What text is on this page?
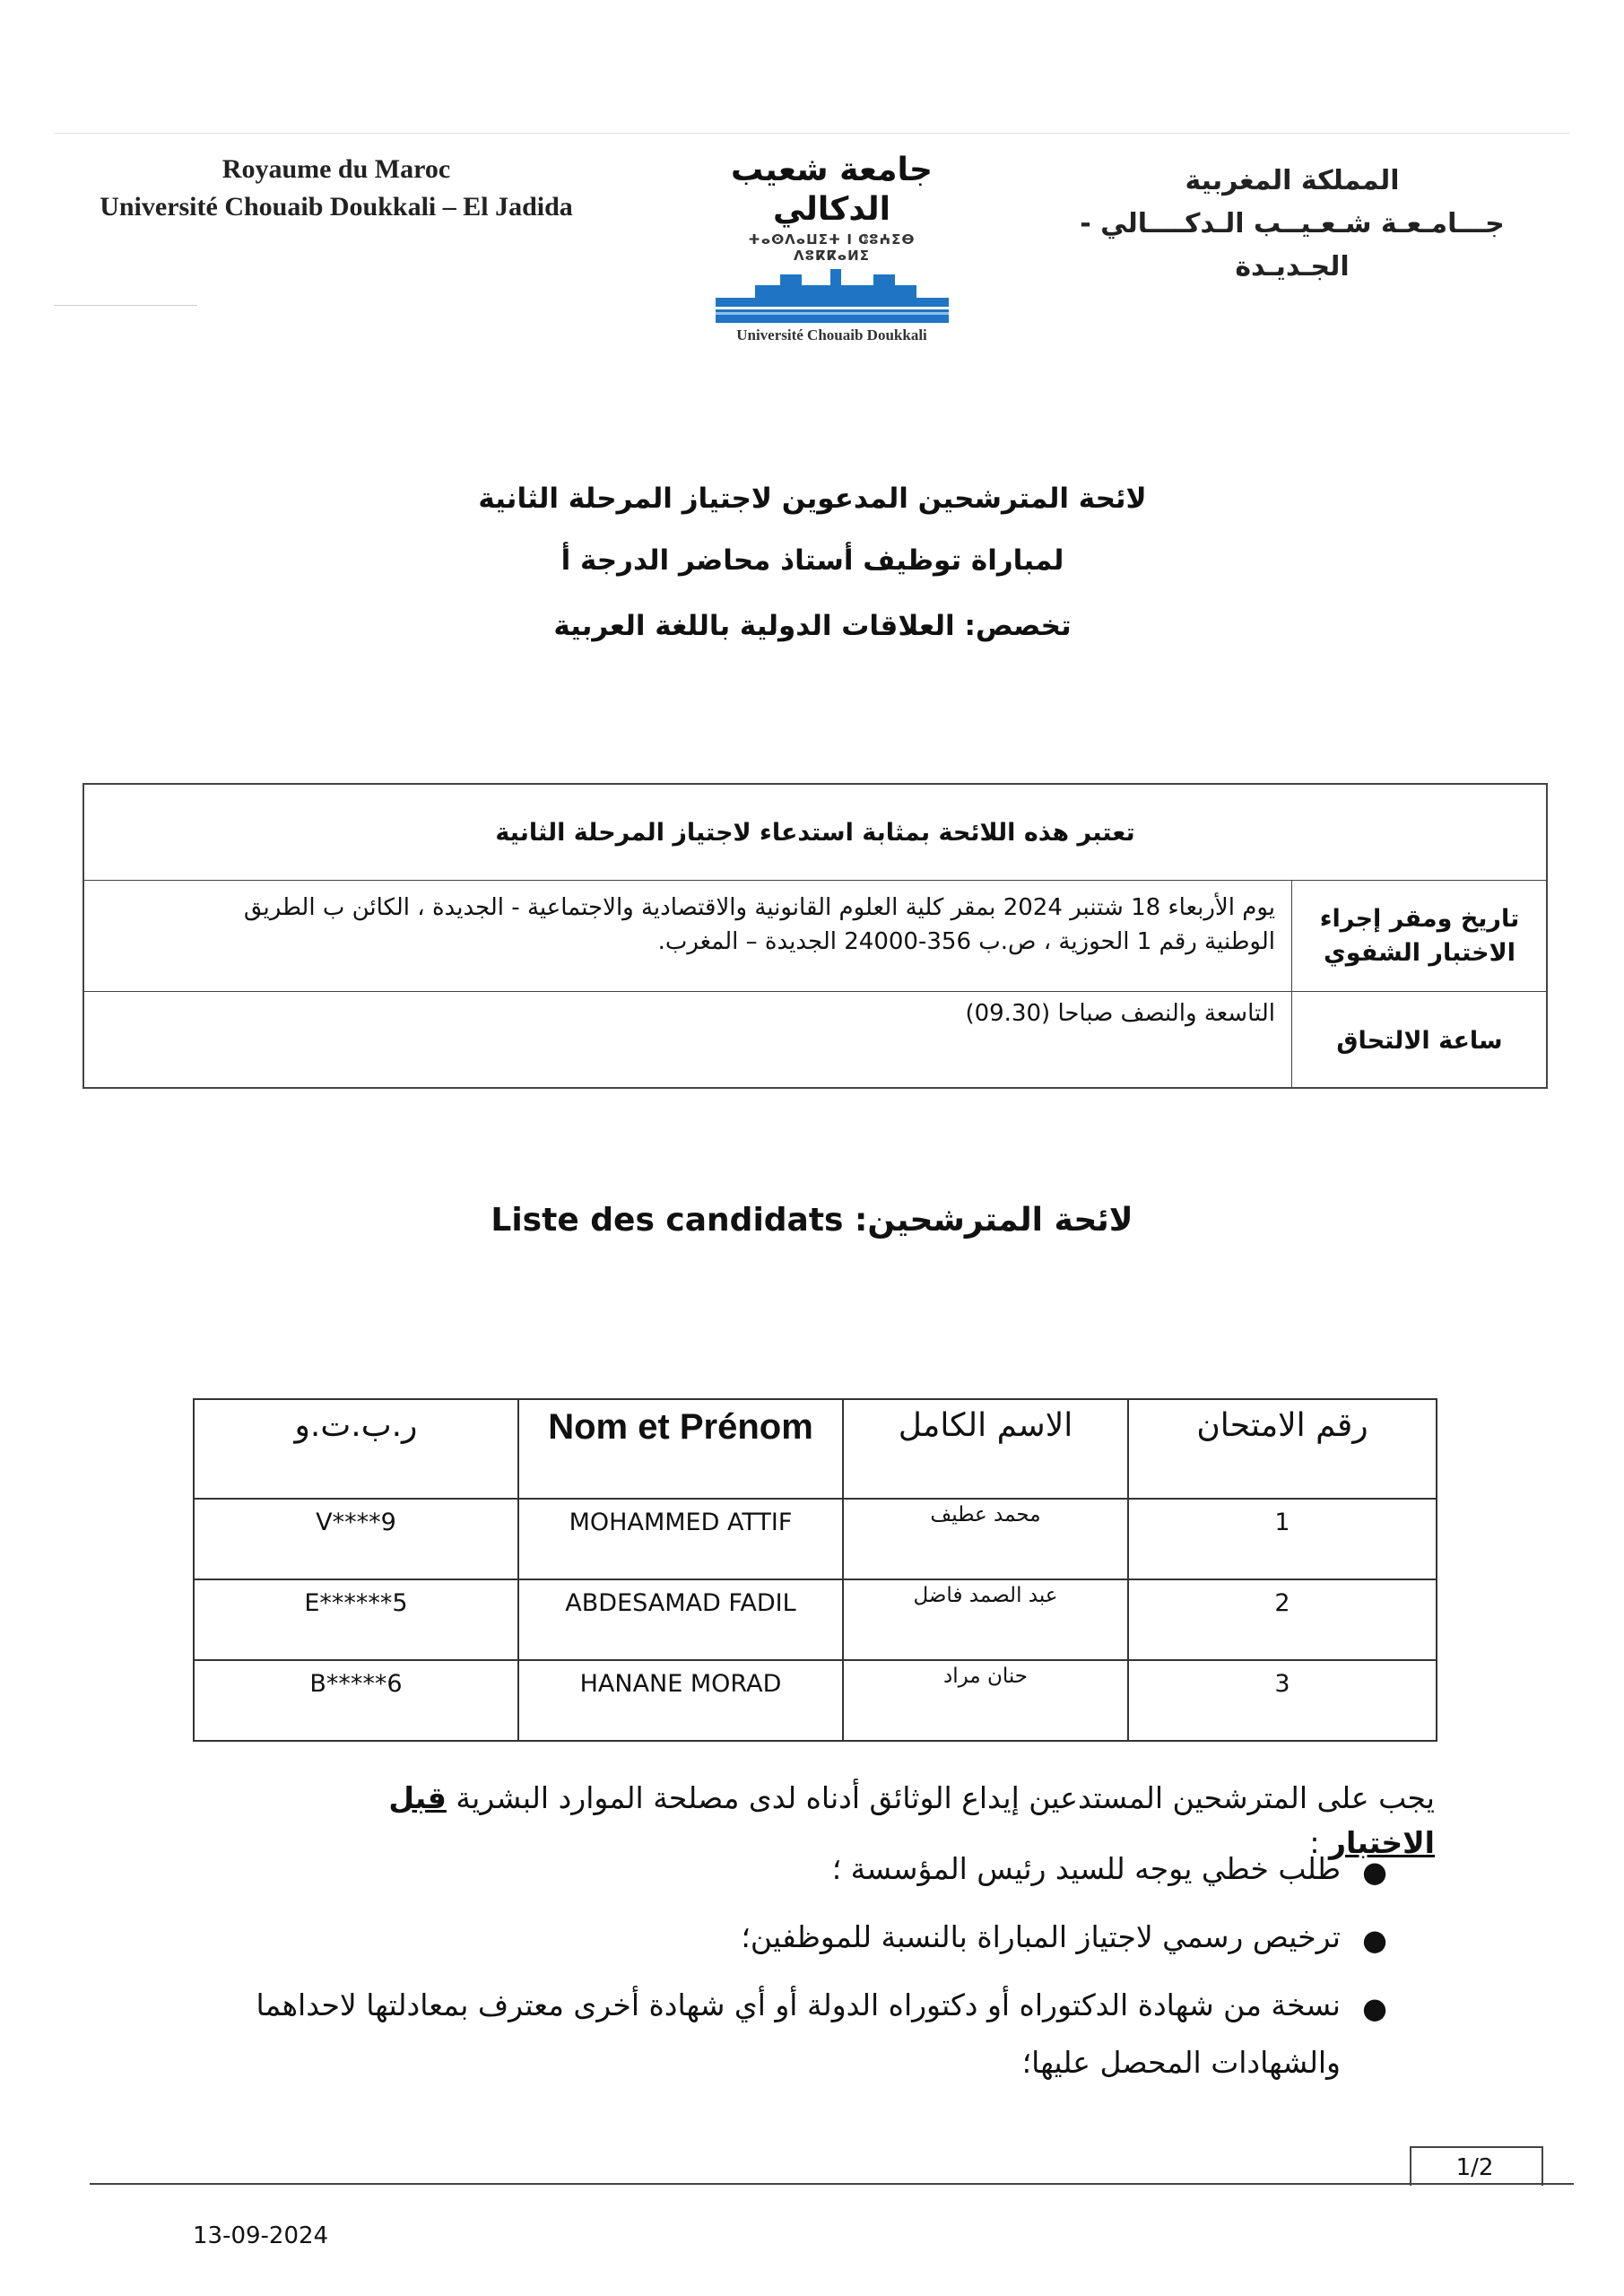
Royaume du Maroc
Université Chouaib Doukkali – El Jadida
جامعة شعيب الدكالي
ⵜⴰⵙⴷⴰⵡⵉⵜ ⵏ ⵛⵓⵄⵉⴱ ⴷⵓⴽⴽⴰⵍⵉ
Université Chouaib Doukkali
المملكة المغربية
جـــامـعـة شـعـيــب الـدكــــالي - الجـديـدة
لائحة المترشحين المدعوين لاجتياز المرحلة الثانية
لمباراة توظيف أستاذ محاضر الدرجة أ
تخصص: العلاقات الدولية باللغة العربية
تعتبر هذه اللائحة بمثابة استدعاء لاجتياز المرحلة الثانية
تاريخ ومقر إجراء الاختبار الشفوي
يوم الأربعاء 18 شتنبر 2024 بمقر كلية العلوم القانونية والاقتصادية والاجتماعية - الجديدة ، الكائن ب الطريق
الوطنية رقم 1 الحوزية ، ص.ب 356-24000 الجديدة – المغرب.
ساعة الالتحاق
التاسعة والنصف صباحا (09.30)
لائحة المترشحين: Liste des candidats
ر.ب.ت.و	Nom et Prénom	الاسم الكامل	رقم الامتحان
V****9	MOHAMMED ATTIF	محمد عطيف	1
E******5	ABDESAMAD FADIL	عبد الصمد فاضل	2
B*****6	HANANE MORAD	حنان مراد	3
يجب على المترشحين المستدعين إيداع الوثائق أدناه لدى مصلحة الموارد البشرية قبل الاختبار :
●
طلب خطي يوجه للسيد رئيس المؤسسة ؛
●
ترخيص رسمي لاجتياز المباراة بالنسبة للموظفين؛
●
نسخة من شهادة الدكتوراه أو دكتوراه الدولة أو أي شهادة أخرى معترف بمعادلتها لاحداهما
والشهادات المحصل عليها؛
1/2
13-09-2024
